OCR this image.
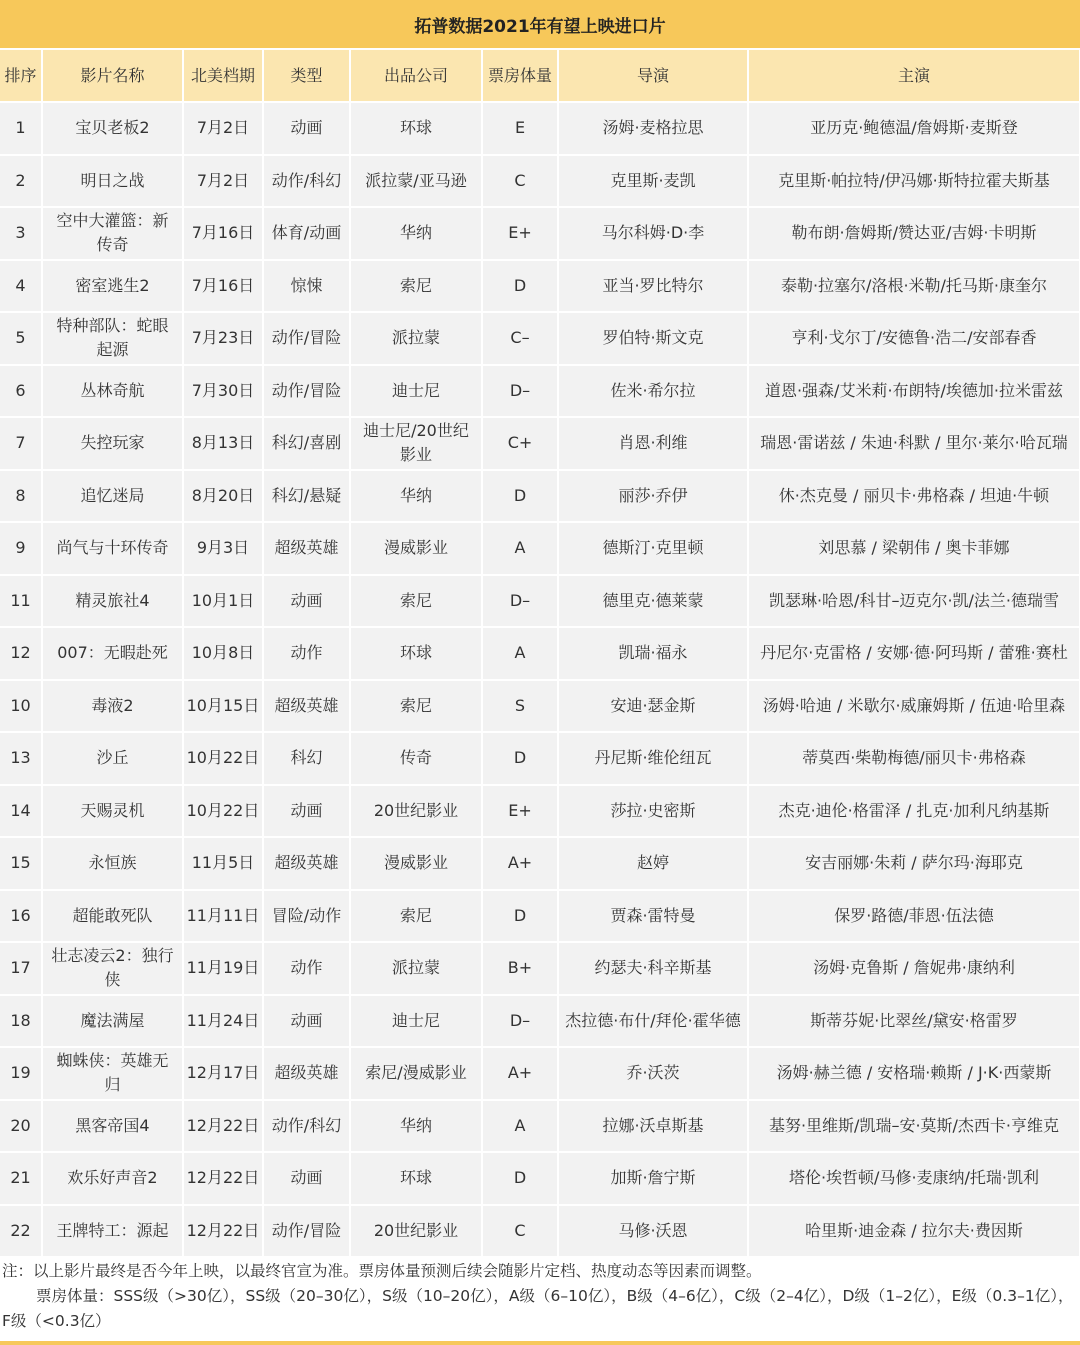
拓普数据2021年有望上映进口片
排序	影片名称	北美档期	类型	出品公司	票房体量	导演	主演
1	宝贝老板2	7月2日	动画	环球	E	汤姆·麦格拉思	亚历克·鲍德温/詹姆斯·麦斯登
2	明日之战	7月2日	动作/科幻	派拉蒙/亚马逊	C	克里斯·麦凯	克里斯·帕拉特/伊冯娜·斯特拉霍夫斯基
3	空中大灌篮：新传奇	7月16日	体育/动画	华纳	E+	马尔科姆·D·李	勒布朗·詹姆斯/赞达亚/吉姆·卡明斯
4	密室逃生2	7月16日	惊悚	索尼	D	亚当·罗比特尔	泰勒·拉塞尔/洛根·米勒/托马斯·康奎尔
5	特种部队：蛇眼起源	7月23日	动作/冒险	派拉蒙	C–	罗伯特·斯文克	亨利·戈尔丁/安德鲁·浩二/安部春香
6	丛林奇航	7月30日	动作/冒险	迪士尼	D–	佐米·希尔拉	道恩·强森/艾米莉·布朗特/埃德加·拉米雷兹
7	失控玩家	8月13日	科幻/喜剧	迪士尼/20世纪影业	C+	肖恩·利维	瑞恩·雷诺兹 / 朱迪·科默 / 里尔·莱尔·哈瓦瑞
8	追忆迷局	8月20日	科幻/悬疑	华纳	D	丽莎·乔伊	休·杰克曼 / 丽贝卡·弗格森 / 坦迪·牛顿
9	尚气与十环传奇	9月3日	超级英雄	漫威影业	A	德斯汀·克里顿	刘思慕 / 梁朝伟 / 奥卡菲娜
11	精灵旅社4	10月1日	动画	索尼	D–	德里克·德莱蒙	凯瑟琳·哈恩/科甘–迈克尔·凯/法兰·德瑞雪
12	007：无暇赴死	10月8日	动作	环球	A	凯瑞·福永	丹尼尔·克雷格 / 安娜·德·阿玛斯 / 蕾雅·赛杜
10	毒液2	10月15日	超级英雄	索尼	S	安迪·瑟金斯	汤姆·哈迪 / 米歇尔·威廉姆斯 / 伍迪·哈里森
13	沙丘	10月22日	科幻	传奇	D	丹尼斯·维伦纽瓦	蒂莫西·柴勒梅德/丽贝卡·弗格森
14	天赐灵机	10月22日	动画	20世纪影业	E+	莎拉·史密斯	杰克·迪伦·格雷泽 / 扎克·加利凡纳基斯
15	永恒族	11月5日	超级英雄	漫威影业	A+	赵婷	安吉丽娜·朱莉 / 萨尔玛·海耶克
16	超能敢死队	11月11日	冒险/动作	索尼	D	贾森·雷特曼	保罗·路德/菲恩·伍法德
17	壮志凌云2：独行侠	11月19日	动作	派拉蒙	B+	约瑟夫·科辛斯基	汤姆·克鲁斯 / 詹妮弗·康纳利
18	魔法满屋	11月24日	动画	迪士尼	D–	杰拉德·布什/拜伦·霍华德	斯蒂芬妮·比翠丝/黛安·格雷罗
19	蜘蛛侠：英雄无归	12月17日	超级英雄	索尼/漫威影业	A+	乔·沃茨	汤姆·赫兰德 / 安格瑞·赖斯 / J·K·西蒙斯
20	黑客帝国4	12月22日	动作/科幻	华纳	A	拉娜·沃卓斯基	基努·里维斯/凯瑞–安·莫斯/杰西卡·亨维克
21	欢乐好声音2	12月22日	动画	环球	D	加斯·詹宁斯	塔伦·埃哲顿/马修·麦康纳/托瑞·凯利
22	王牌特工：源起	12月22日	动作/冒险	20世纪影业	C	马修·沃恩	哈里斯·迪金森 / 拉尔夫·费因斯
注：以上影片最终是否今年上映，以最终官宣为准。票房体量预测后续会随影片定档、热度动态等因素而调整。
票房体量：SSS级（>30亿），SS级（20–30亿），S级（10–20亿），A级（6–10亿），B级（4–6亿），C级（2–4亿），D级（1–2亿），E级（0.3–1亿），F级（<0.3亿）
